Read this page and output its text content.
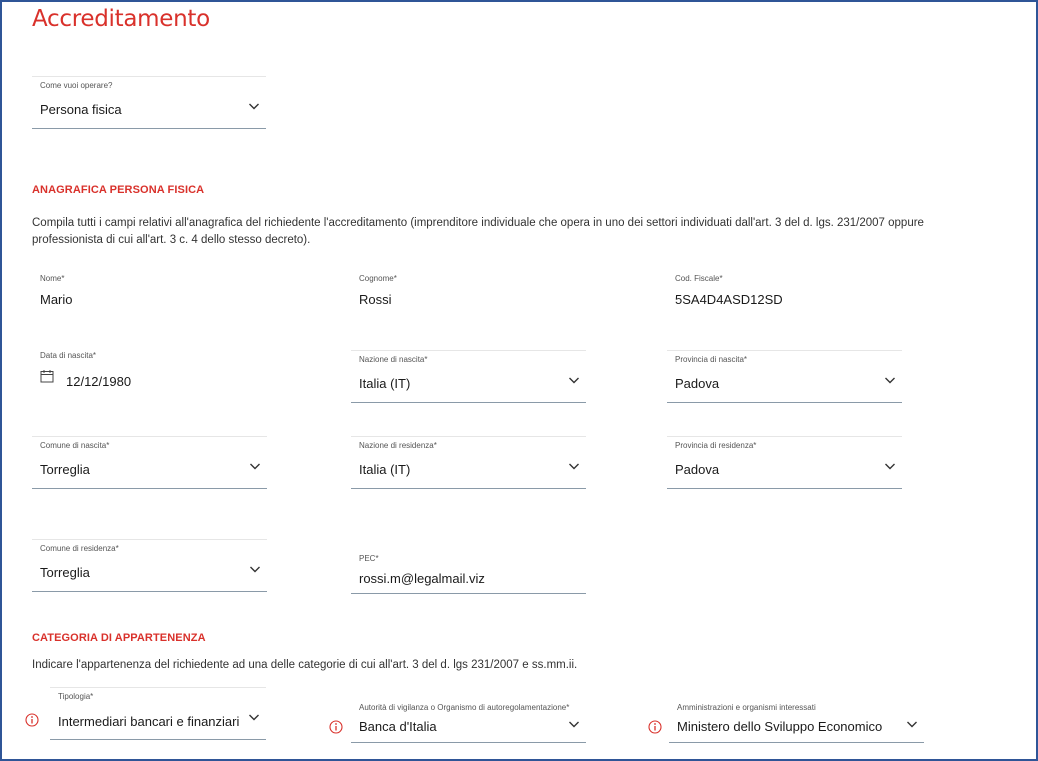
Accreditamento
Come vuoi operare?
Persona fisica
ANAGRAFICA PERSONA FISICA

Compila tutti i campi relativi all'anagrafica del richiedente l'accreditamento (imprenditore individuale che opera in uno dei settori individuati dall'art. 3 del d. lgs. 231/2007 oppure professionista di cui all'art. 3 c. 4 dello stesso decreto).

Nome*
Mario
Cognome*
Rossi
Cod. Fiscale*
5SA4D4ASD12SD
Data di nascita*
12/12/1980
Nazione di nascita*
Italia (IT)
Provincia di nascita*
Padova
Comune di nascita*
Torreglia
Nazione di residenza*
Italia (IT)
Provincia di residenza*
Padova
Comune di residenza*
Torreglia
PEC*
rossi.m@legalmail.viz
CATEGORIA DI APPARTENENZA

Indicare l'appartenenza del richiedente ad una delle categorie di cui all'art. 3 del d. lgs 231/2007 e ss.mm.ii.

Tipologia*
Intermediari bancari e finanziari
Autorità di vigilanza o Organismo di autoregolamentazione*
Banca d'Italia
Amministrazioni e organismi interessati
Ministero dello Sviluppo Economico
